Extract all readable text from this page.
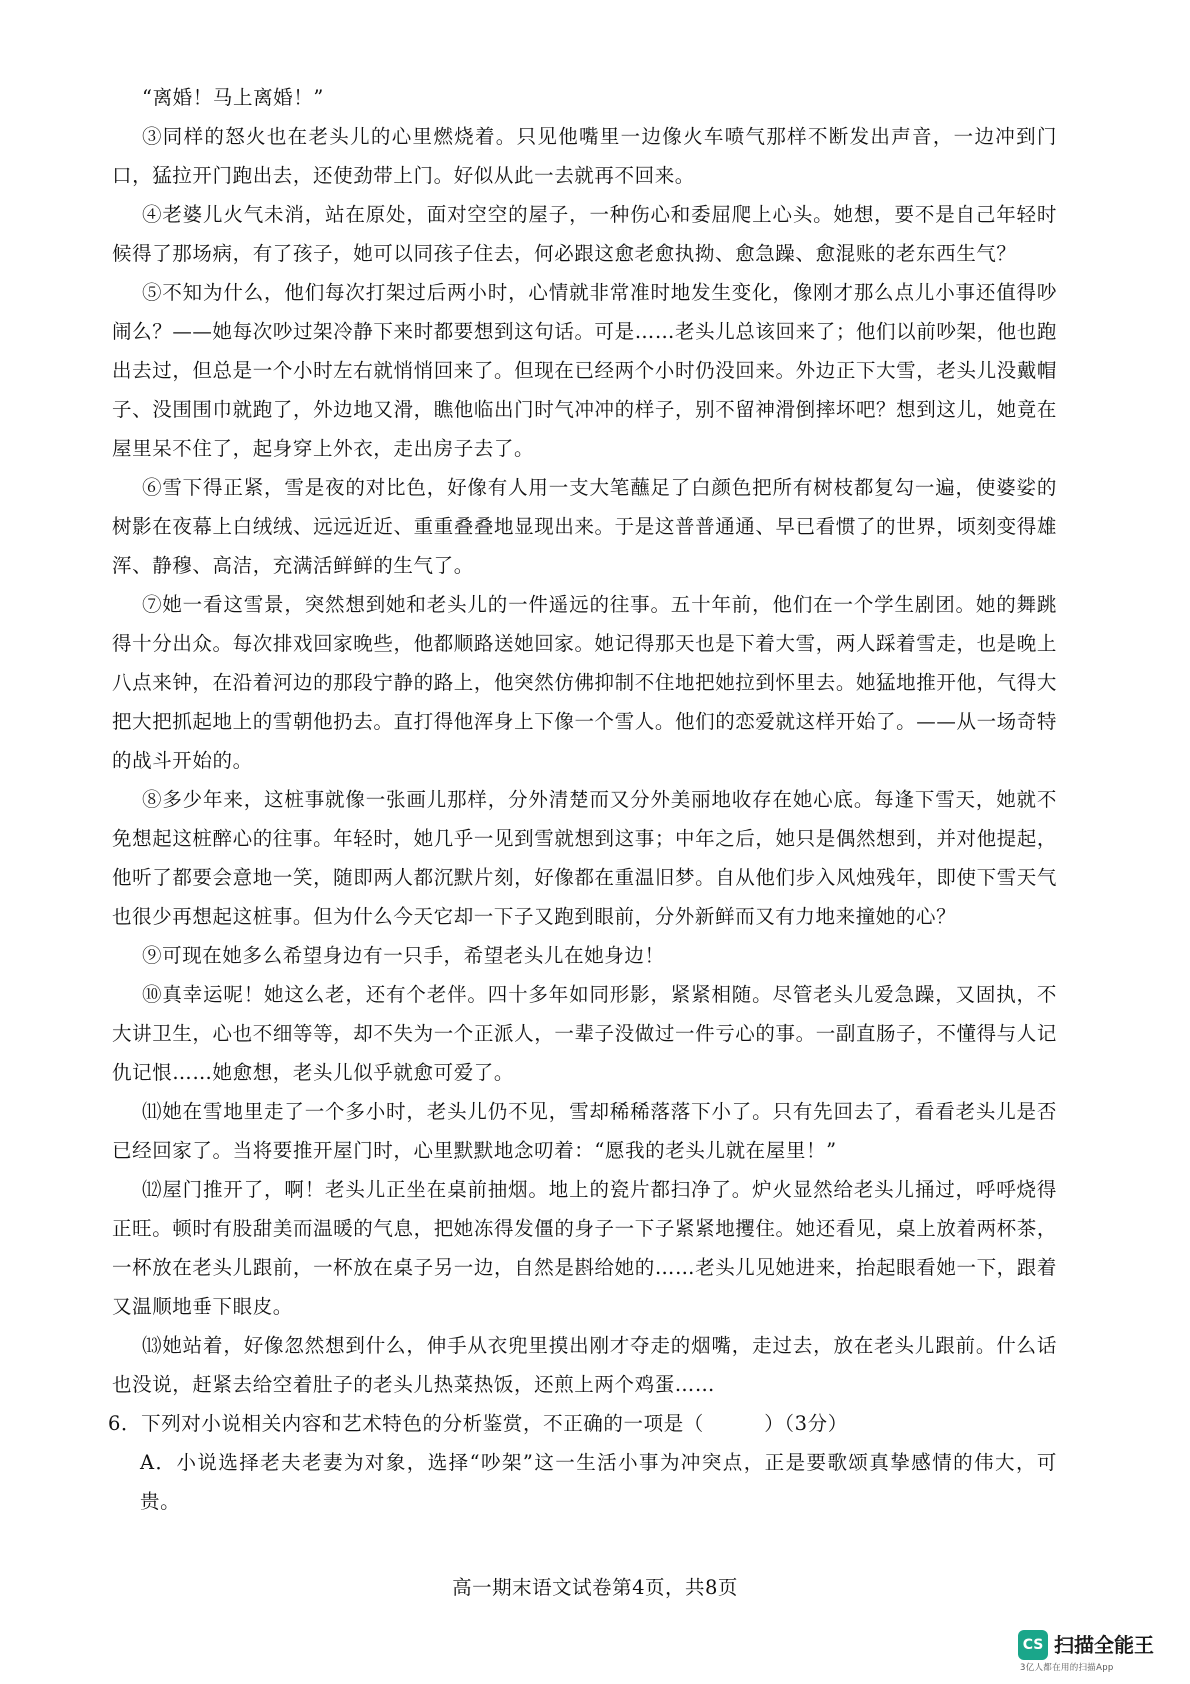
“离婚！马上离婚！”

③同样的怒火也在老头儿的心里燃烧着。只见他嘴里一边像火车喷气那样不断发出声音，一边冲到门口，猛拉开门跑出去，还使劲带上门。好似从此一去就再不回来。

④老婆儿火气未消，站在原处，面对空空的屋子，一种伤心和委屈爬上心头。她想，要不是自己年轻时候得了那场病，有了孩子，她可以同孩子住去，何必跟这愈老愈执拗、愈急躁、愈混账的老东西生气？

⑤不知为什么，他们每次打架过后两小时，心情就非常准时地发生变化，像刚才那么点儿小事还值得吵闹么？——她每次吵过架冷静下来时都要想到这句话。可是……老头儿总该回来了；他们以前吵架，他也跑出去过，但总是一个小时左右就悄悄回来了。但现在已经两个小时仍没回来。外边正下大雪，老头儿没戴帽子、没围围巾就跑了，外边地又滑，瞧他临出门时气冲冲的样子，别不留神滑倒摔坏吧？想到这儿，她竟在屋里呆不住了，起身穿上外衣，走出房子去了。

⑥雪下得正紧，雪是夜的对比色，好像有人用一支大笔蘸足了白颜色把所有树枝都复勾一遍，使婆娑的树影在夜幕上白绒绒、远远近近、重重叠叠地显现出来。于是这普普通通、早已看惯了的世界，顷刻变得雄浑、静穆、高洁，充满活鲜鲜的生气了。

⑦她一看这雪景，突然想到她和老头儿的一件遥远的往事。五十年前，他们在一个学生剧团。她的舞跳得十分出众。每次排戏回家晚些，他都顺路送她回家。她记得那天也是下着大雪，两人踩着雪走，也是晚上八点来钟，在沿着河边的那段宁静的路上，他突然仿佛抑制不住地把她拉到怀里去。她猛地推开他，气得大把大把抓起地上的雪朝他扔去。直打得他浑身上下像一个雪人。他们的恋爱就这样开始了。——从一场奇特的战斗开始的。

⑧多少年来，这桩事就像一张画儿那样，分外清楚而又分外美丽地收存在她心底。每逢下雪天，她就不免想起这桩醉心的往事。年轻时，她几乎一见到雪就想到这事；中年之后，她只是偶然想到，并对他提起，他听了都要会意地一笑，随即两人都沉默片刻，好像都在重温旧梦。自从他们步入风烛残年，即使下雪天气也很少再想起这桩事。但为什么今天它却一下子又跑到眼前，分外新鲜而又有力地来撞她的心？

⑨可现在她多么希望身边有一只手，希望老头儿在她身边！

⑩真幸运呢！她这么老，还有个老伴。四十多年如同形影，紧紧相随。尽管老头儿爱急躁，又固执，不大讲卫生，心也不细等等，却不失为一个正派人，一辈子没做过一件亏心的事。一副直肠子，不懂得与人记仇记恨……她愈想，老头儿似乎就愈可爱了。

⑾她在雪地里走了一个多小时，老头儿仍不见，雪却稀稀落落下小了。只有先回去了，看看老头儿是否已经回家了。当将要推开屋门时，心里默默地念叨着：“愿我的老头儿就在屋里！”

⑿屋门推开了，啊！老头儿正坐在桌前抽烟。地上的瓷片都扫净了。炉火显然给老头儿捅过，呼呼烧得正旺。顿时有股甜美而温暖的气息，把她冻得发僵的身子一下子紧紧地攫住。她还看见，桌上放着两杯茶，一杯放在老头儿跟前，一杯放在桌子另一边，自然是斟给她的……老头儿见她进来，抬起眼看她一下，跟着又温顺地垂下眼皮。

⒀她站着，好像忽然想到什么，伸手从衣兜里摸出刚才夺走的烟嘴，走过去，放在老头儿跟前。什么话也没说，赶紧去给空着肚子的老头儿热菜热饭，还煎上两个鸡蛋……

6．下列对小说相关内容和艺术特色的分析鉴赏，不正确的一项是（　　　）（3分）

A．小说选择老夫老妻为对象，选择“吵架”这一生活小事为冲突点，正是要歌颂真挚感情的伟大，可贵。

高一期末语文试卷第4页，共8页
CS 扫描全能王
3亿人都在用的扫描App
